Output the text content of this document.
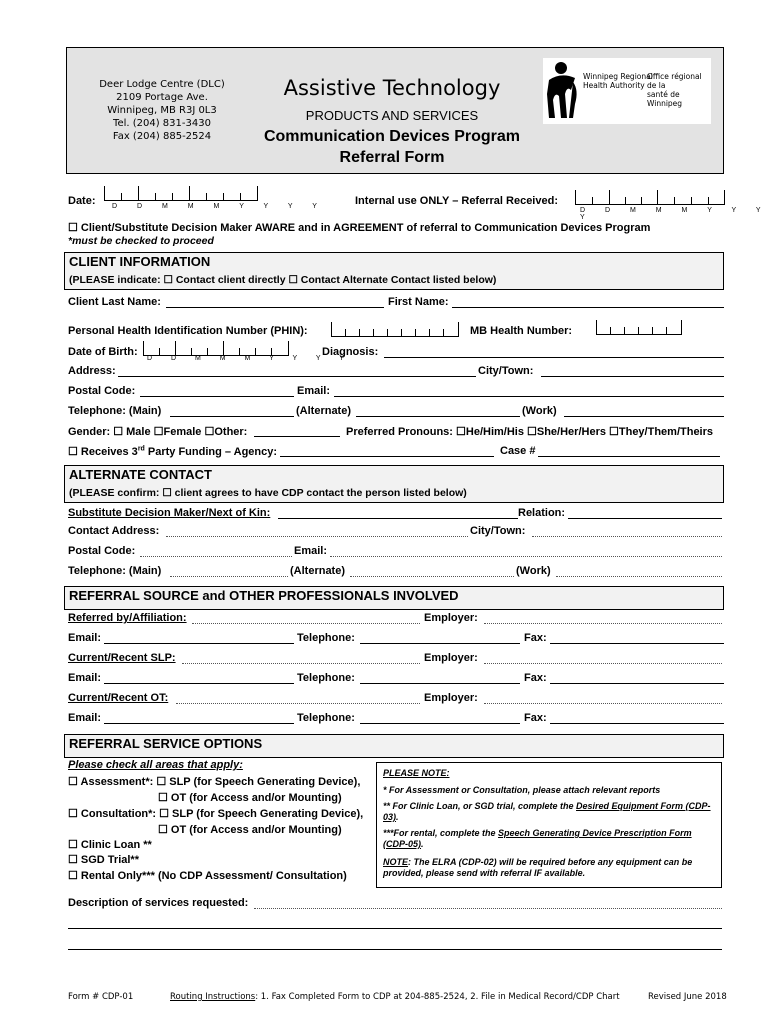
Deer Lodge Centre (DLC)
2109 Portage Ave.
Winnipeg, MB R3J 0L3
Tel. (204) 831-3430
Fax (204) 885-2524
Assistive Technology
PRODUCTS AND SERVICES
Communication Devices Program
Referral Form
Winnipeg Regional
Health Authority
Office régional de la
santé de Winnipeg
Date: D D M M M Y Y Y Y	Internal use ONLY – Referral Received:
D D M M M Y Y Y Y
☐ Client/Substitute Decision Maker AWARE and in AGREEMENT of referral to Communication Devices Program
*must be checked to proceed
CLIENT INFORMATION
(PLEASE indicate: ☐ Contact client directly ☐ Contact Alternate Contact listed below)
Client Last Name:	First Name:
Personal Health Identification Number (PHIN):	MB Health Number:
Date of Birth:
D D M M M Y Y Y Y
Diagnosis:
Address:	City/Town:
Postal Code:	Email:
Telephone: (Main)	(Alternate)	(Work)
Gender: ☐ Male ☐Female ☐Other:	Preferred Pronouns: ☐He/Him/His ☐She/Her/Hers ☐They/Them/Theirs
☐ Receives 3rd Party Funding – Agency:	Case #
ALTERNATE CONTACT
(PLEASE confirm: ☐ client agrees to have CDP contact the person listed below)
Substitute Decision Maker/Next of Kin:	Relation:
Contact Address:	City/Town:
Postal Code:	Email:
Telephone: (Main)	(Alternate)	(Work)
REFERRAL SOURCE and OTHER PROFESSIONALS INVOLVED
Referred by/Affiliation:	Employer:
Email:	Telephone:	Fax:
Current/Recent SLP:	Employer:
Email:	Telephone:	Fax:
Current/Recent OT:	Employer:
Email:	Telephone:	Fax:
REFERRAL SERVICE OPTIONS
Please check all areas that apply:
☐ Assessment*: ☐ SLP (for Speech Generating Device),
☐ OT (for Access and/or Mounting)
☐ Consultation*: ☐ SLP (for Speech Generating Device),
☐ OT (for Access and/or Mounting)
☐ Clinic Loan **
☐ SGD Trial**
☐ Rental Only*** (No CDP Assessment/ Consultation)
PLEASE NOTE:
* For Assessment or Consultation, please attach relevant reports
** For Clinic Loan, or SGD trial, complete the Desired Equipment Form (CDP-03).
***For rental, complete the Speech Generating Device Prescription Form (CDP-05).
NOTE: The ELRA (CDP-02) will be required before any equipment can be provided, please send with referral IF available.
Description of services requested:
Form # CDP-01	Routing Instructions: 1. Fax Completed Form to CDP at 204-885-2524, 2. File in Medical Record/CDP Chart	Revised June 2018
